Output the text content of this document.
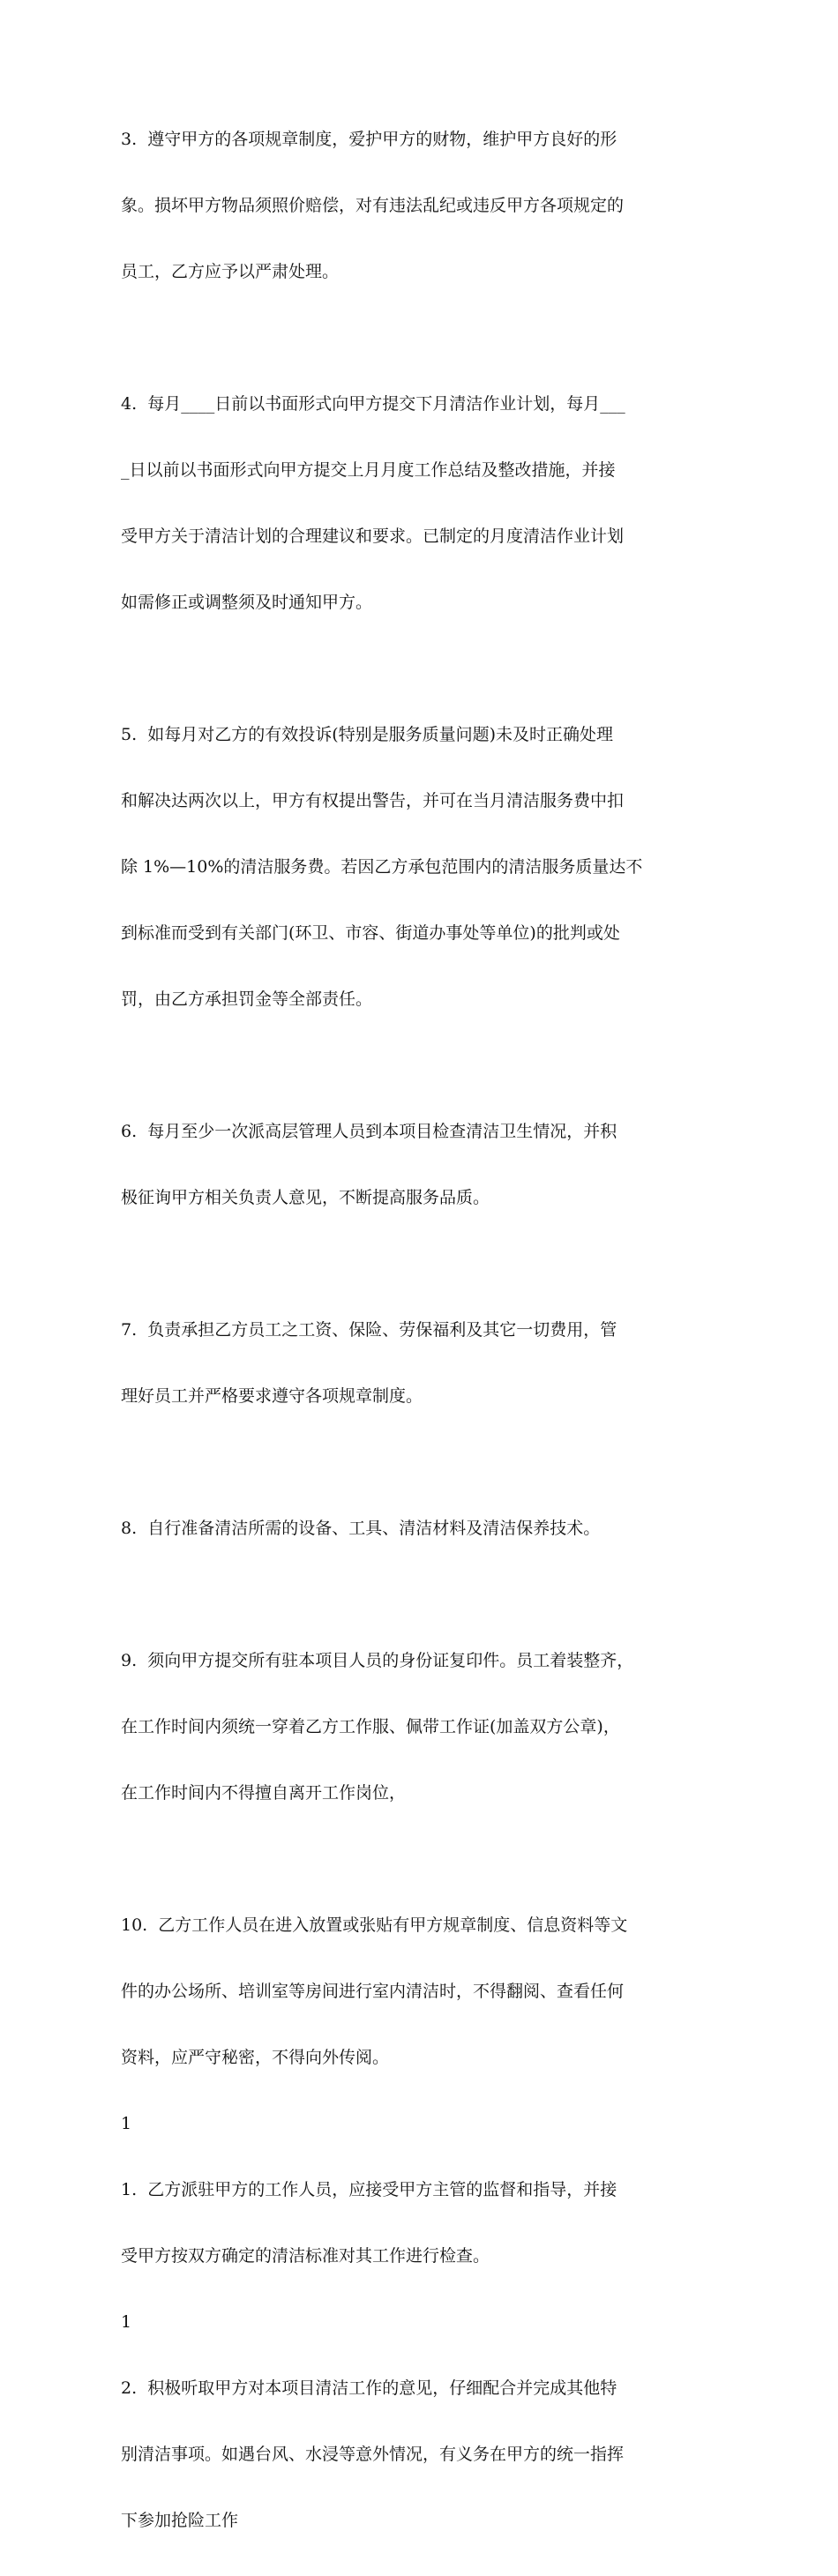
3.  遵守甲方的各项规章制度，爱护甲方的财物，维护甲方良好的形

象。损坏甲方物品须照价赔偿，对有违法乱纪或违反甲方各项规定的

员工，乙方应予以严肃处理。

4.  每月____日前以书面形式向甲方提交下月清洁作业计划，每月___

_日以前以书面形式向甲方提交上月月度工作总结及整改措施，并接

受甲方关于清洁计划的合理建议和要求。已制定的月度清洁作业计划

如需修正或调整须及时通知甲方。

5.  如每月对乙方的有效投诉(特别是服务质量问题)未及时正确处理

和解决达两次以上，甲方有权提出警告，并可在当月清洁服务费中扣

除 1%—10%的清洁服务费。若因乙方承包范围内的清洁服务质量达不

到标准而受到有关部门(环卫、市容、街道办事处等单位)的批判或处

罚，由乙方承担罚金等全部责任。

6.  每月至少一次派高层管理人员到本项目检查清洁卫生情况，并积

极征询甲方相关负责人意见，不断提高服务品质。

7.  负责承担乙方员工之工资、保险、劳保福利及其它一切费用，管

理好员工并严格要求遵守各项规章制度。

8.  自行准备清洁所需的设备、工具、清洁材料及清洁保养技术。

9.  须向甲方提交所有驻本项目人员的身份证复印件。员工着装整齐，

在工作时间内须统一穿着乙方工作服、佩带工作证(加盖双方公章)，

在工作时间内不得擅自离开工作岗位，

10.  乙方工作人员在进入放置或张贴有甲方规章制度、信息资料等文

件的办公场所、培训室等房间进行室内清洁时，不得翻阅、查看任何

资料，应严守秘密，不得向外传阅。

1

1.  乙方派驻甲方的工作人员，应接受甲方主管的监督和指导，并接

受甲方按双方确定的清洁标准对其工作进行检查。

1

2.  积极听取甲方对本项目清洁工作的意见，仔细配合并完成其他特

别清洁事项。如遇台风、水浸等意外情况，有义务在甲方的统一指挥

下参加抢险工作
